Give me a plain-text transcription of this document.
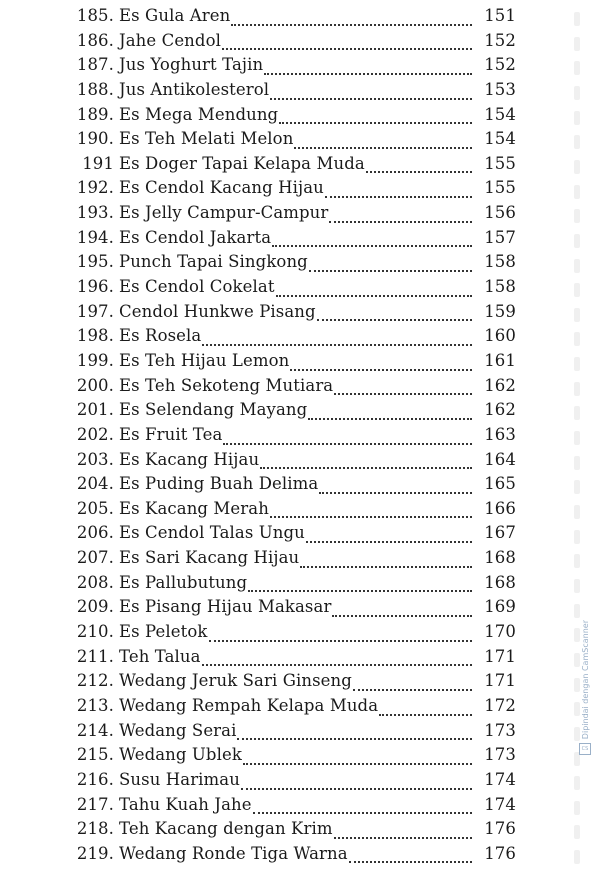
185. Es Gula Aren	151
186. Jahe Cendol	152
187. Jus Yoghurt Tajin	152
188. Jus Antikolesterol	153
189. Es Mega Mendung	154
190. Es Teh Melati Melon	154
191 Es Doger Tapai Kelapa Muda	155
192. Es Cendol Kacang Hijau	155
193. Es Jelly Campur-Campur	156
194. Es Cendol Jakarta	157
195. Punch Tapai Singkong	158
196. Es Cendol Cokelat	158
197. Cendol Hunkwe Pisang	159
198. Es Rosela	160
199. Es Teh Hijau Lemon	161
200. Es Teh Sekoteng Mutiara	162
201. Es Selendang Mayang	162
202. Es Fruit Tea	163
203. Es Kacang Hijau	164
204. Es Puding Buah Delima	165
205. Es Kacang Merah	166
206. Es Cendol Talas Ungu	167
207. Es Sari Kacang Hijau	168
208. Es Pallubutung	168
209. Es Pisang Hijau Makasar	169
210. Es Peletok	170
211. Teh Talua	171
212. Wedang Jeruk Sari Ginseng	171
213. Wedang Rempah Kelapa Muda	172
214. Wedang Serai	173
215. Wedang Ublek	173
216. Susu Harimau	174
217. Tahu Kuah Jahe	174
218. Teh Kacang dengan Krim	176
219. Wedang Ronde Tiga Warna	176
Dipindai dengan CamScanner
CS
